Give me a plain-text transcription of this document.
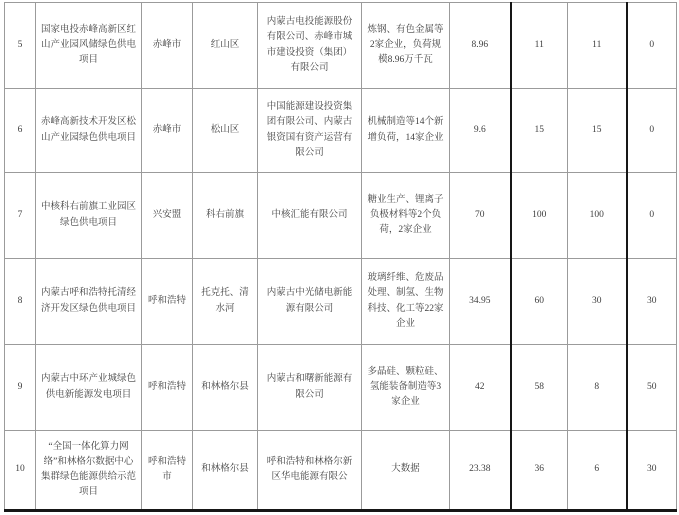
5	国家电投赤峰高新区红山产业园风储绿色供电项目	赤峰市	红山区	内蒙古电投能源股份有限公司、赤峰市城市建设投资（集团）有限公司	炼钢、有色金属等2家企业，负荷规模8.96万千瓦	8.96	11	11	0
6	赤峰高新技术开发区松山产业园绿色供电项目	赤峰市	松山区	中国能源建设投资集团有限公司、内蒙古银资国有资产运营有限公司	机械制造等14个新增负荷，14家企业	9.6	15	15	0
7	中核科右前旗工业园区绿色供电项目	兴安盟	科右前旗	中核汇能有限公司	糖业生产、锂离子负极材料等2个负荷，2家企业	70	100	100	0
8	内蒙古呼和浩特托清经济开发区绿色供电项目	呼和浩特	托克托、清水河	内蒙古中光储电新能源有限公司	玻璃纤维、危废品处理、制氢、生物科技、化工等22家企业	34.95	60	30	30
9	内蒙古中环产业城绿色供电新能源发电项目	呼和浩特	和林格尔县	内蒙古和曙新能源有限公司	多晶硅、颗粒硅、氢能装备制造等3家企业	42	58	8	50
10	“全国一体化算力网络”和林格尔数据中心集群绿色能源供给示范项目	呼和浩特市	和林格尔县	呼和浩特和林格尔新区华电能源有限公	大数据	23.38	36	6	30
